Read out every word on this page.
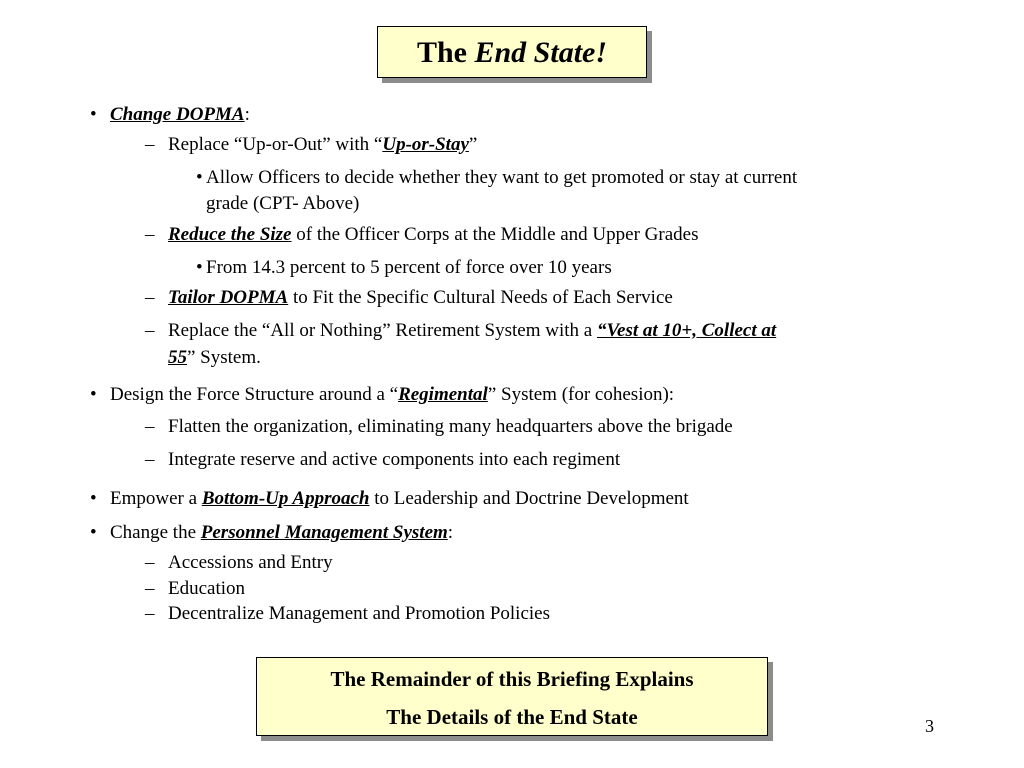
The End State!
• Change DOPMA:
– Replace “Up-or-Out” with “Up-or-Stay”
• Allow Officers to decide whether they want to get promoted or stay at current
grade (CPT- Above)
– Reduce the Size of the Officer Corps at the Middle and Upper Grades
• From 14.3 percent to 5 percent of force over 10 years
– Tailor DOPMA to Fit the Specific Cultural Needs of Each Service
– Replace the “All or Nothing” Retirement System with a “Vest at 10+, Collect at
55” System.
• Design the Force Structure around a “Regimental” System (for cohesion):
– Flatten the organization, eliminating many headquarters above the brigade
– Integrate reserve and active components into each regiment
• Empower a Bottom-Up Approach to Leadership and Doctrine Development
• Change the Personnel Management System:
– Accessions and Entry
– Education
– Decentralize Management and Promotion Policies
The Remainder of this Briefing Explains
The Details of the End State	3
